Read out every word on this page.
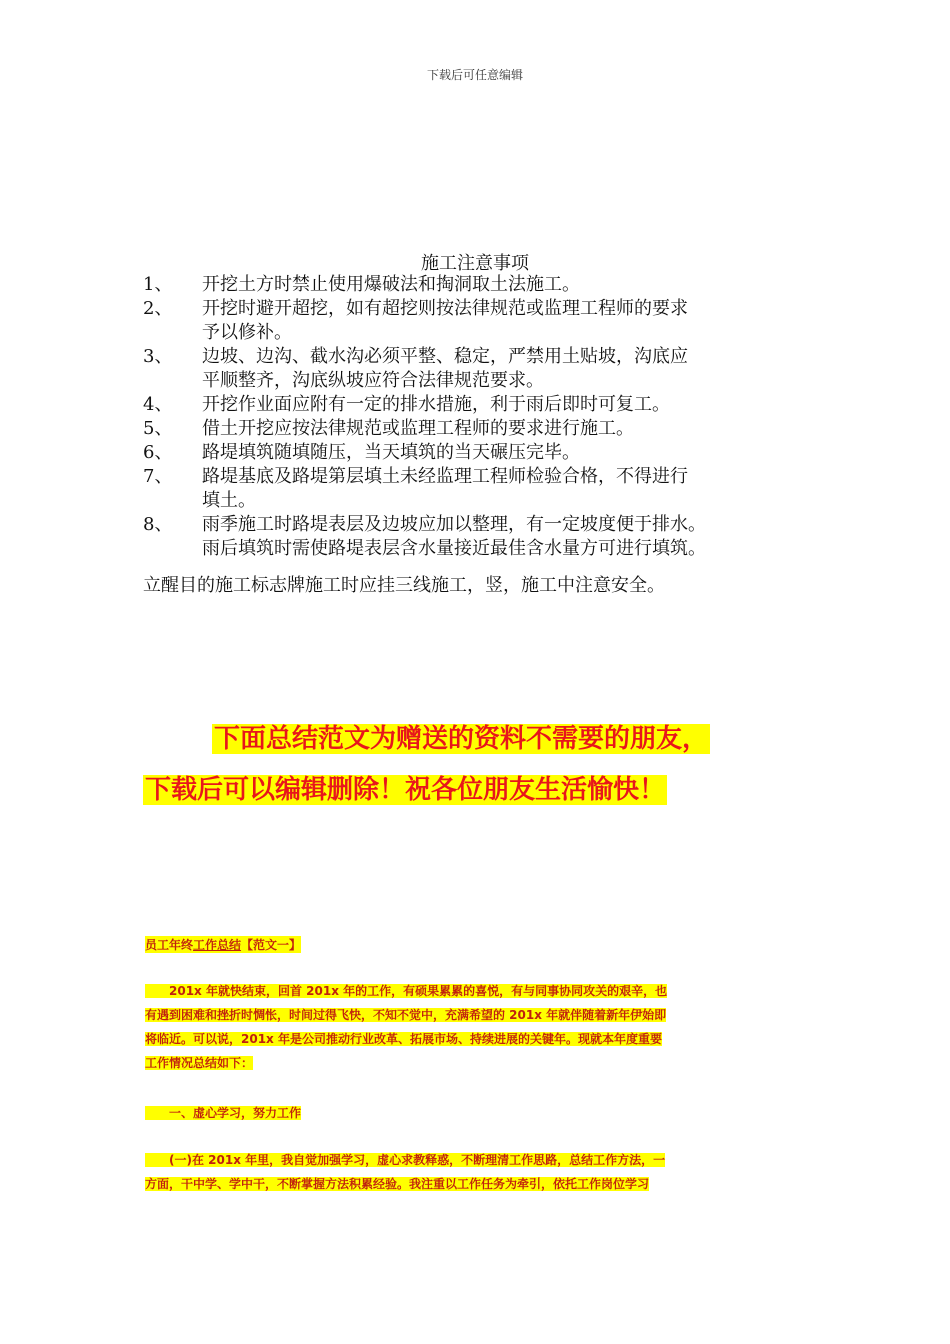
下载后可任意编辑
施工注意事项
1、	开挖土方时禁止使用爆破法和掏洞取土法施工。
2、	开挖时避开超挖，如有超挖则按法律规范或监理工程师的要求
予以修补。
3、	边坡、边沟、截水沟必须平整、稳定，严禁用土贴坡，沟底应
平顺整齐，沟底纵坡应符合法律规范要求。
4、	开挖作业面应附有一定的排水措施，利于雨后即时可复工。
5、	借土开挖应按法律规范或监理工程师的要求进行施工。
6、	路堤填筑随填随压，当天填筑的当天碾压完毕。
7、	路堤基底及路堤第层填土未经监理工程师检验合格，不得进行
填土。
8、	雨季施工时路堤表层及边坡应加以整理，有一定坡度便于排水。
雨后填筑时需使路堤表层含水量接近最佳含水量方可进行填筑。
立醒目的施工标志牌施工时应挂三线施工，竖，施工中注意安全。
下面总结范文为赠送的资料不需要的朋友，
下载后可以编辑删除！祝各位朋友生活愉快！
员工年终工作总结【范文一】
　　201x 年就快结束，回首 201x 年的工作，有硕果累累的喜悦，有与同事协同攻关的艰辛，也
有遇到困难和挫折时惆怅，时间过得飞快，不知不觉中，充满希望的 201x 年就伴随着新年伊始即
将临近。可以说，201x 年是公司推动行业改革、拓展市场、持续进展的关键年。现就本年度重要
工作情况总结如下：
　　一、虚心学习，努力工作
　　(一)在 201x 年里，我自觉加强学习，虚心求教释惑，不断理清工作思路，总结工作方法，一
方面，干中学、学中干，不断掌握方法积累经验。我注重以工作任务为牵引，依托工作岗位学习
